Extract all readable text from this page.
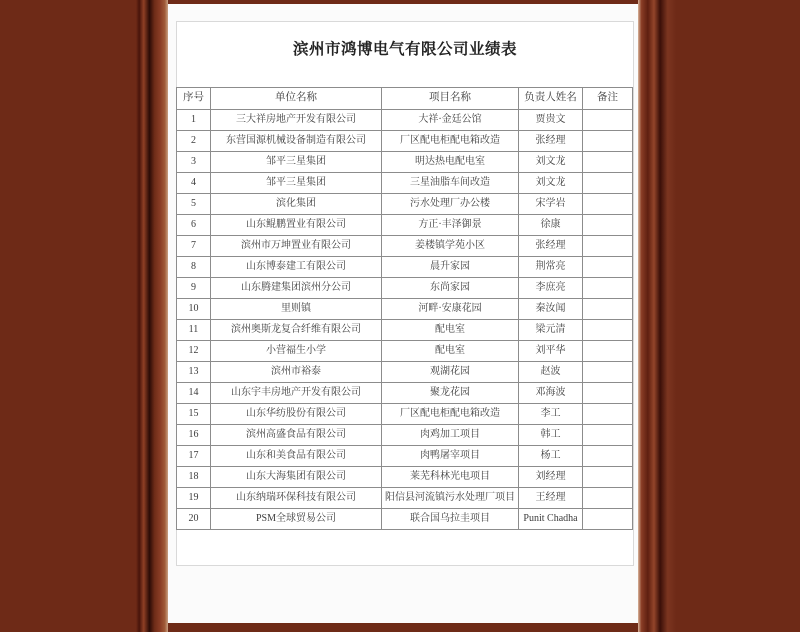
滨州市鸿博电气有限公司业绩表
序号	单位名称	项目名称	负责人姓名	备注
1	三大祥房地产开发有限公司	大祥·金廷公馆	贾贵文	
2	东营国源机械设备制造有限公司	厂区配电柜配电箱改造	张经理	
3	邹平三星集团	明达热电配电室	刘文龙	
4	邹平三星集团	三星油脂车间改造	刘文龙	
5	滨化集团	污水处理厂办公楼	宋学岩	
6	山东鲲鹏置业有限公司	方正·丰泽御景	徐康	
7	滨州市万坤置业有限公司	姜楼镇学苑小区	张经理	
8	山东博泰建工有限公司	晨升家园	荆常亮	
9	山东腾建集团滨州分公司	东尚家园	李庶亮	
10	里则镇	河畔·安康花园	秦汝闻	
11	滨州奥斯龙复合纤维有限公司	配电室	梁元清	
12	小营福生小学	配电室	刘平华	
13	滨州市裕泰	观湖花园	赵波	
14	山东宇丰房地产开发有限公司	聚龙花园	邓海波	
15	山东华纺股份有限公司	厂区配电柜配电箱改造	李工	
16	滨州高盛食品有限公司	肉鸡加工项目	韩工	
17	山东和美食品有限公司	肉鸭屠宰项目	杨工	
18	山东大海集团有限公司	莱芜科林光电项目	刘经理	
19	山东纳瑞环保科技有限公司	阳信县河流镇污水处理厂项目	王经理	
20	PSM全球贸易公司	联合国乌拉圭项目	Punit Chadha	
